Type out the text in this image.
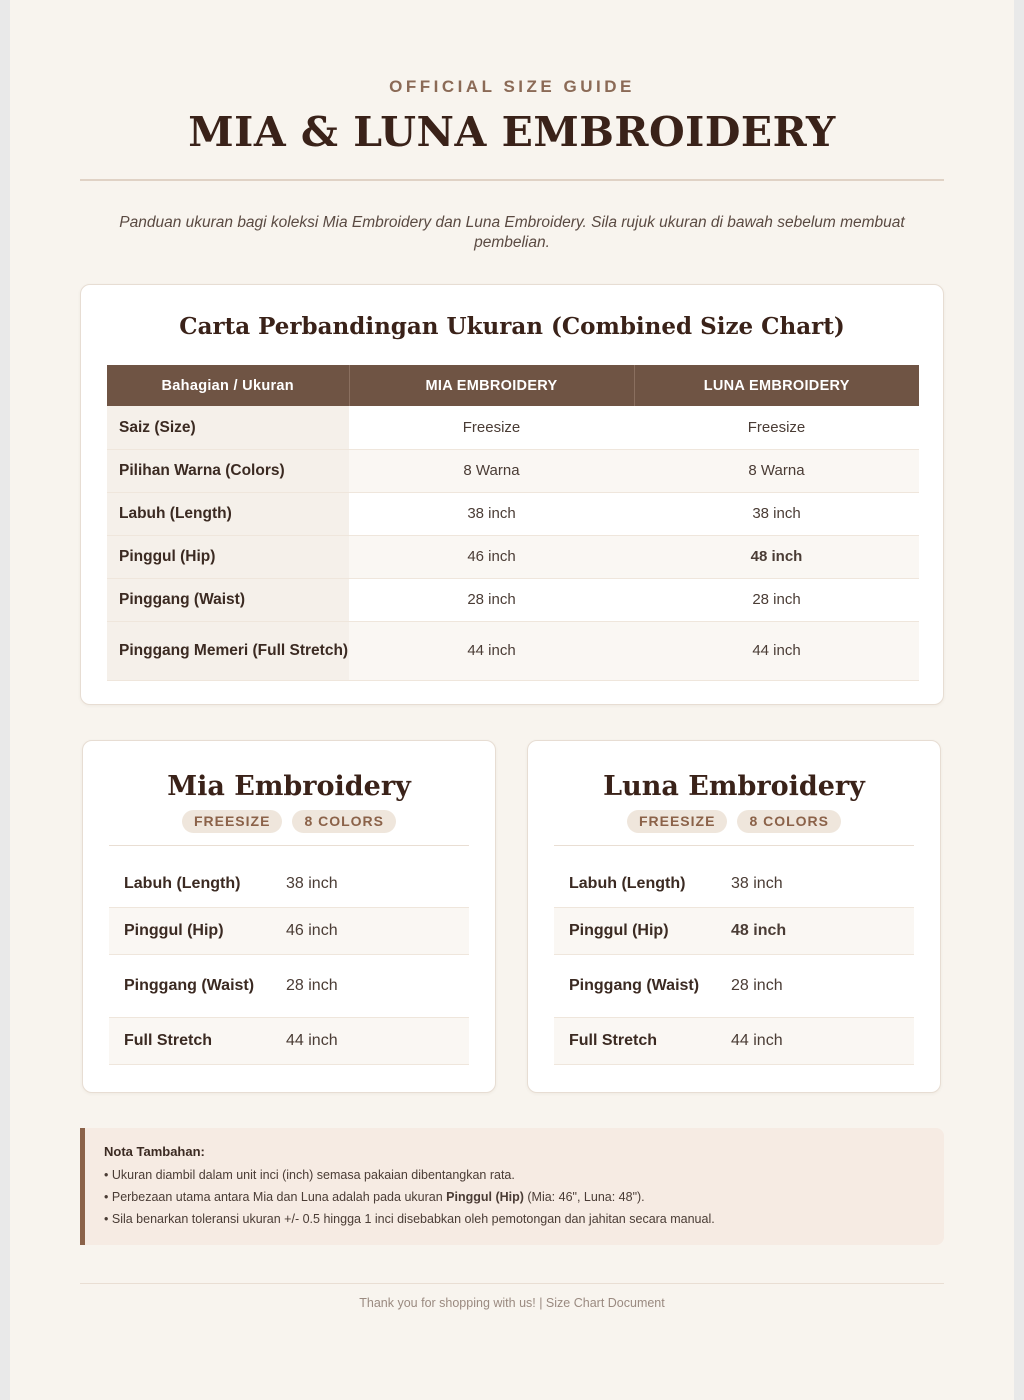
OFFICIAL SIZE GUIDE
MIA & LUNA EMBROIDERY
Panduan ukuran bagi koleksi Mia Embroidery dan Luna Embroidery. Sila rujuk ukuran di bawah sebelum membuat pembelian.
Carta Perbandingan Ukuran (Combined Size Chart)
Bahagian / Ukuran	MIA EMBROIDERY	LUNA EMBROIDERY
Saiz (Size)	Freesize	Freesize
Pilihan Warna (Colors)	8 Warna	8 Warna
Labuh (Length)	38 inch	38 inch
Pinggul (Hip)	46 inch	48 inch
Pinggang (Waist)	28 inch	28 inch
Pinggang Memeri (Full Stretch)	44 inch	44 inch
Mia Embroidery
FREESIZE 8 COLORS
Labuh (Length)	38 inch
Pinggul (Hip)	46 inch
Pinggang (Waist)	28 inch
Full Stretch	44 inch
Luna Embroidery
FREESIZE 8 COLORS
Labuh (Length)	38 inch
Pinggul (Hip)	48 inch
Pinggang (Waist)	28 inch
Full Stretch	44 inch
Nota Tambahan:
• Ukuran diambil dalam unit inci (inch) semasa pakaian dibentangkan rata.
• Perbezaan utama antara Mia dan Luna adalah pada ukuran Pinggul (Hip) (Mia: 46", Luna: 48").
• Sila benarkan toleransi ukuran +/- 0.5 hingga 1 inci disebabkan oleh pemotongan dan jahitan secara manual.
Thank you for shopping with us! | Size Chart Document
